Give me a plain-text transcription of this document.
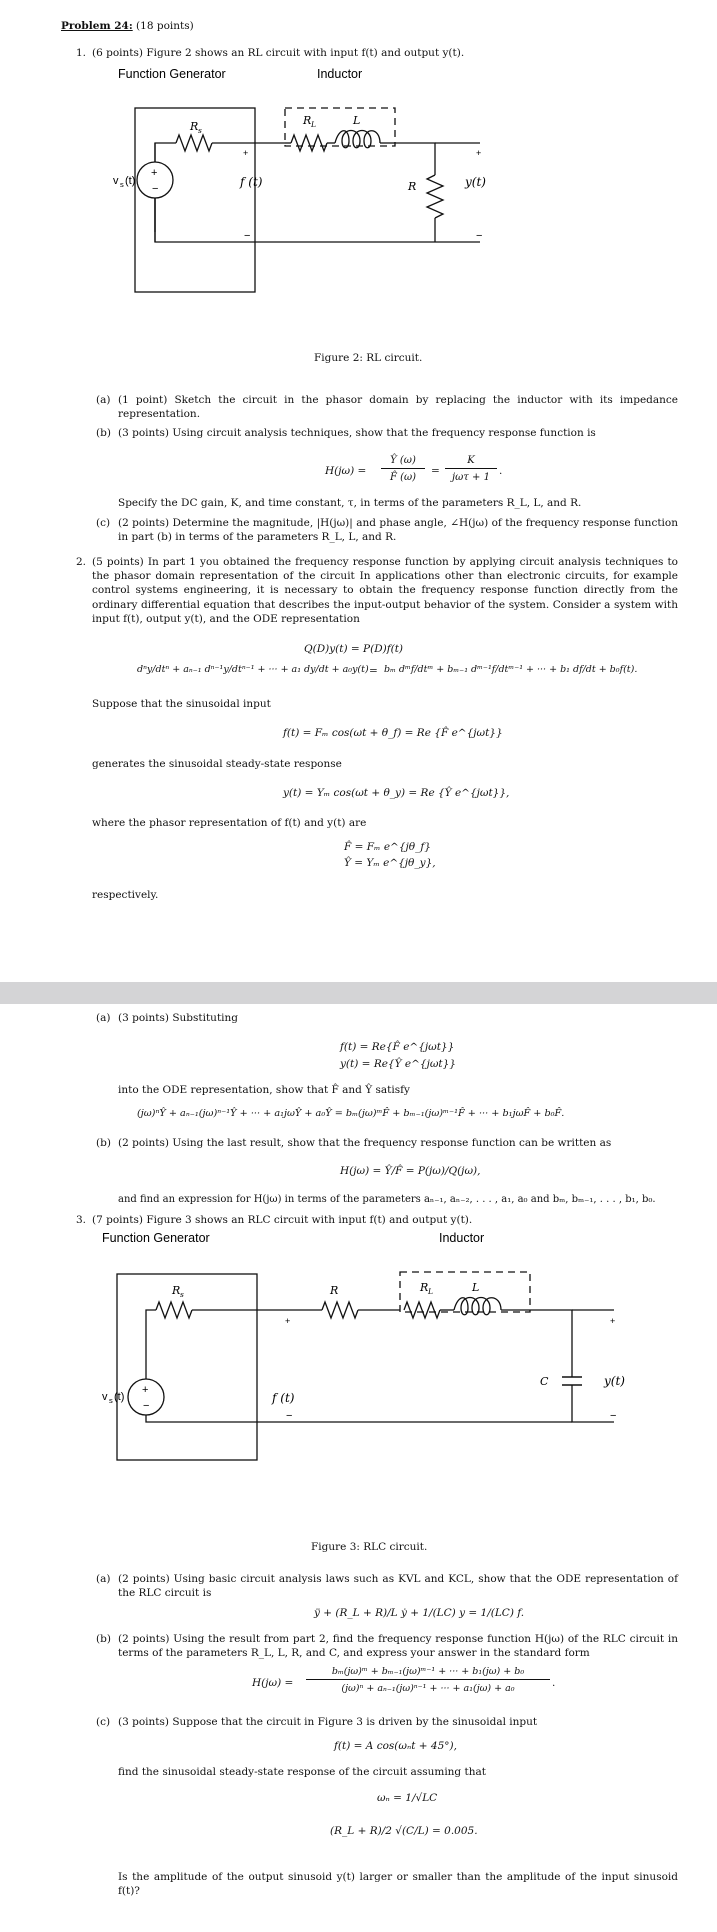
Problem 24: (18 points)
1. (6 points) Figure 2 shows an RL circuit with input f(t) and output y(t).
+
−
Function Generator	Inductor
R s
R L	L
v s (t)
+
−
f (t)	R
+
−
y(t)
Figure 2: RL circuit.
(a) (1 point) Sketch the circuit in the phasor domain by replacing the inductor with its impedance representation.
(b) (3 points) Using circuit analysis techniques, show that the frequency response function is
H(jω) =
Ŷ (ω)
F̂ (ω)
=
K
jωτ + 1
.
Specify the DC gain, K, and time constant, τ, in terms of the parameters R_L, L, and R.
(c) (2 points) Determine the magnitude, |H(jω)| and phase angle, ∠H(jω) of the frequency response function in part (b) in terms of the parameters R_L, L, and R.
2. (5 points) In part 1 you obtained the frequency response function by applying circuit analysis techniques to the phasor domain representation of the circuit In applications other than electronic circuits, for example control systems engineering, it is necessary to obtain the frequency response function directly from the ordinary differential equation that describes the input-output behavior of the system. Consider a system with input f(t), output y(t), and the ODE representation
Q(D)y(t) = P(D)f(t)
dⁿy/dtⁿ + aₙ₋₁ dⁿ⁻¹y/dtⁿ⁻¹ + ··· + a₁ dy/dt + a₀y(t) = bₘ dᵐf/dtᵐ + bₘ₋₁ dᵐ⁻¹f/dtᵐ⁻¹ + ··· + b₁ df/dt + b₀f(t).
Suppose that the sinusoidal input
f(t) = Fₘ cos(ωt + θ_f) = Re {F̂ e^{jωt}}
generates the sinusoidal steady-state response
y(t) = Yₘ cos(ωt + θ_y) = Re {Ŷ e^{jωt}},
where the phasor representation of f(t) and y(t) are
F̂ = Fₘ e^{jθ_f}
Ŷ = Yₘ e^{jθ_y},
respectively.
(a) (3 points) Substituting
f(t) = Re{F̂ e^{jωt}}
y(t) = Re{Ŷ e^{jωt}}
into the ODE representation, show that F̂ and Ŷ satisfy
(jω)ⁿŶ + aₙ₋₁(jω)ⁿ⁻¹Ŷ + ··· + a₁jωŶ + a₀Ŷ = bₘ(jω)ᵐF̂ + bₘ₋₁(jω)ᵐ⁻¹F̂ + ··· + b₁jωF̂ + b₀F̂.
(b) (2 points) Using the last result, show that the frequency response function can be written as
H(jω) = Ŷ/F̂ = P(jω)/Q(jω),
and find an expression for H(jω) in terms of the parameters aₙ₋₁, aₙ₋₂, . . . , a₁, a₀ and bₘ, bₘ₋₁, . . . , b₁, b₀.
3. (7 points) Figure 3 shows an RLC circuit with input f(t) and output y(t).
+
−
Function Generator	Inductor
R s	R	R L	L
v s (t)
+
−
f (t)
C
+
−
y(t)
Figure 3: RLC circuit.
(a) (2 points) Using basic circuit analysis laws such as KVL and KCL, show that the ODE representation of the RLC circuit is
ÿ + (R_L + R)/L ẏ + 1/(LC) y = 1/(LC) f.
(b) (2 points) Using the result from part 2, find the frequency response function H(jω) of the RLC circuit in terms of the parameters R_L, L, R, and C, and express your answer in the standard form
H(jω) =
bₘ(jω)ᵐ + bₘ₋₁(jω)ᵐ⁻¹ + ··· + b₁(jω) + b₀
(jω)ⁿ + aₙ₋₁(jω)ⁿ⁻¹ + ··· + a₁(jω) + a₀	.
(c) (3 points) Suppose that the circuit in Figure 3 is driven by the sinusoidal input
f(t) = A cos(ωₙt + 45°),
find the sinusoidal steady-state response of the circuit assuming that
ωₙ = 1/√LC
(R_L + R)/2 √(C/L) = 0.005.
Is the amplitude of the output sinusoid y(t) larger or smaller than the amplitude of the input sinusoid f(t)?
